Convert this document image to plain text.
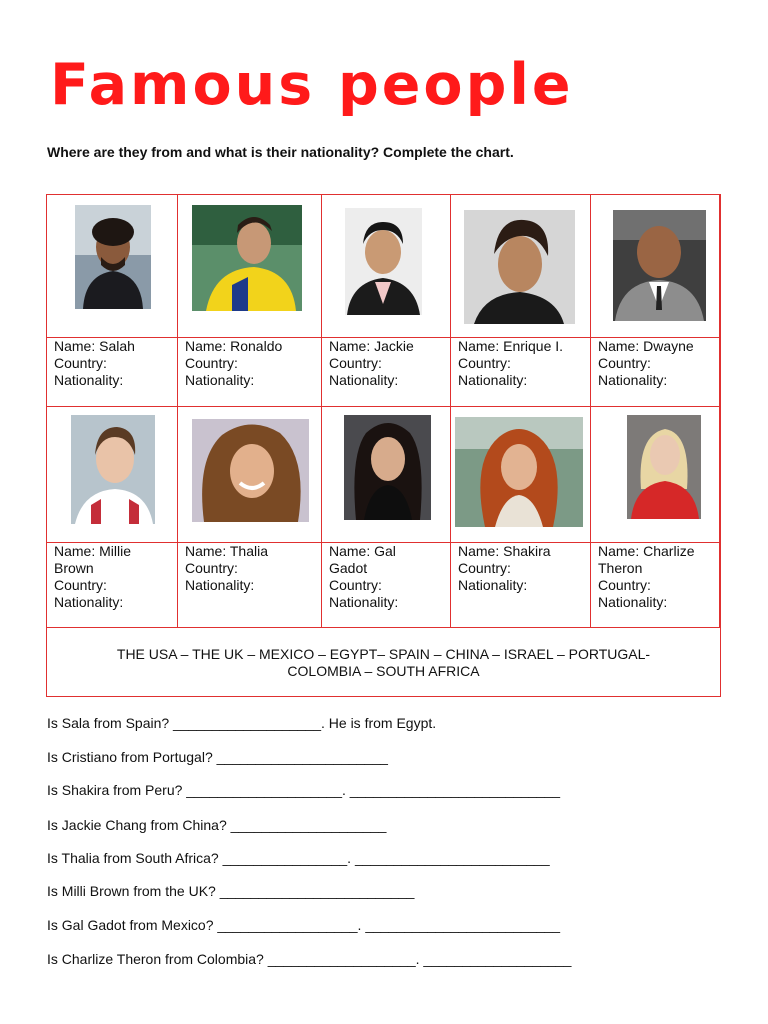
Famous people
Where are they from and what is their nationality? Complete the chart.
Name: Salah
Country:
Nationality:
Name: Ronaldo
Country:
Nationality:
Name: Jackie
Country:
Nationality:
Name: Enrique I.
Country:
Nationality:
Name: Dwayne
Country:
Nationality:
Name: Millie
Brown
Country:
Nationality:
Name: Thalia
Country:
Nationality:
Name: Gal
Gadot
Country:
Nationality:
Name: Shakira
Country:
Nationality:
Name: Charlize
Theron
Country:
Nationality:
THE USA – THE UK – MEXICO – EGYPT– SPAIN – CHINA – ISRAEL – PORTUGAL-
COLOMBIA – SOUTH AFRICA
Is Sala from Spain? ___________________. He is from Egypt.
Is Cristiano from Portugal? ______________________
Is Shakira from Peru? ____________________. ___________________________
Is Jackie Chang from China? ____________________
Is Thalia from South Africa? ________________. _________________________
Is Milli Brown from the UK? _________________________
Is Gal Gadot from Mexico? __________________. _________________________
Is Charlize Theron from Colombia? ___________________. ___________________
